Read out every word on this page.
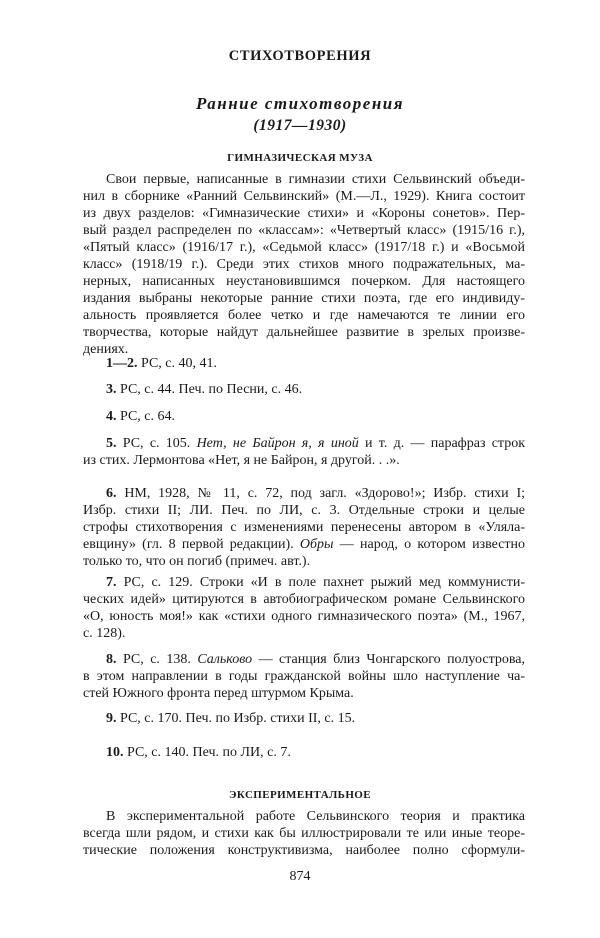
СТИХОТВОРЕНИЯ
Ранние стихотворения
(1917—1930)
ГИМНАЗИЧЕСКАЯ МУЗА
Свои первые, написанные в гимназии стихи Сельвинский объеди-
нил в сборнике «Ранний Сельвинский» (М.—Л., 1929). Книга состоит
из двух разделов: «Гимназические стихи» и «Короны сонетов». Пер-
вый раздел распределен по «классам»: «Четвертый класс» (1915/16 г.),
«Пятый класс» (1916/17 г.), «Седьмой класс» (1917/18 г.) и «Восьмой
класс» (1918/19 г.). Среди этих стихов много подражательных, ма-
нерных, написанных неустановившимся почерком. Для настоящего
издания выбраны некоторые ранние стихи поэта, где его индивиду-
альность проявляется более четко и где намечаются те линии его
творчества, которые найдут дальнейшее развитие в зрелых произве-
дениях.
1—2. РС, с. 40, 41.
3. РС, с. 44. Печ. по Песни, с. 46.
4. РС, с. 64.
5. РС, с. 105. Нет, не Байрон я, я иной и т. д. — парафраз строк
из стих. Лермонтова «Нет, я не Байрон, я другой. . .».
6. НМ, 1928, № 11, с. 72, под загл. «Здорово!»; Избр. стихи I;
Избр. стихи II; ЛИ. Печ. по ЛИ, с. 3. Отдельные строки и целые
строфы стихотворения с изменениями перенесены автором в «Уляла-
евщину» (гл. 8 первой редакции). Обры — народ, о котором известно
только то, что он погиб (примеч. авт.).
7. РС, с. 129. Строки «И в поле пахнет рыжий мед коммунисти-
ческих идей» цитируются в автобиографическом романе Сельвинского
«О, юность моя!» как «стихи одного гимназического поэта» (М., 1967,
с. 128).
8. РС, с. 138. Сальково — станция близ Чонгарского полуострова,
в этом направлении в годы гражданской войны шло наступление ча-
стей Южного фронта перед штурмом Крыма.
9. РС, с. 170. Печ. по Избр. стихи II, с. 15.
10. РС, с. 140. Печ. по ЛИ, с. 7.
ЭКСПЕРИМЕНТАЛЬНОЕ
В экспериментальной работе Сельвинского теория и практика
всегда шли рядом, и стихи как бы иллюстрировали те или иные теоре-
тические положения конструктивизма, наиболее полно сформули-
874
